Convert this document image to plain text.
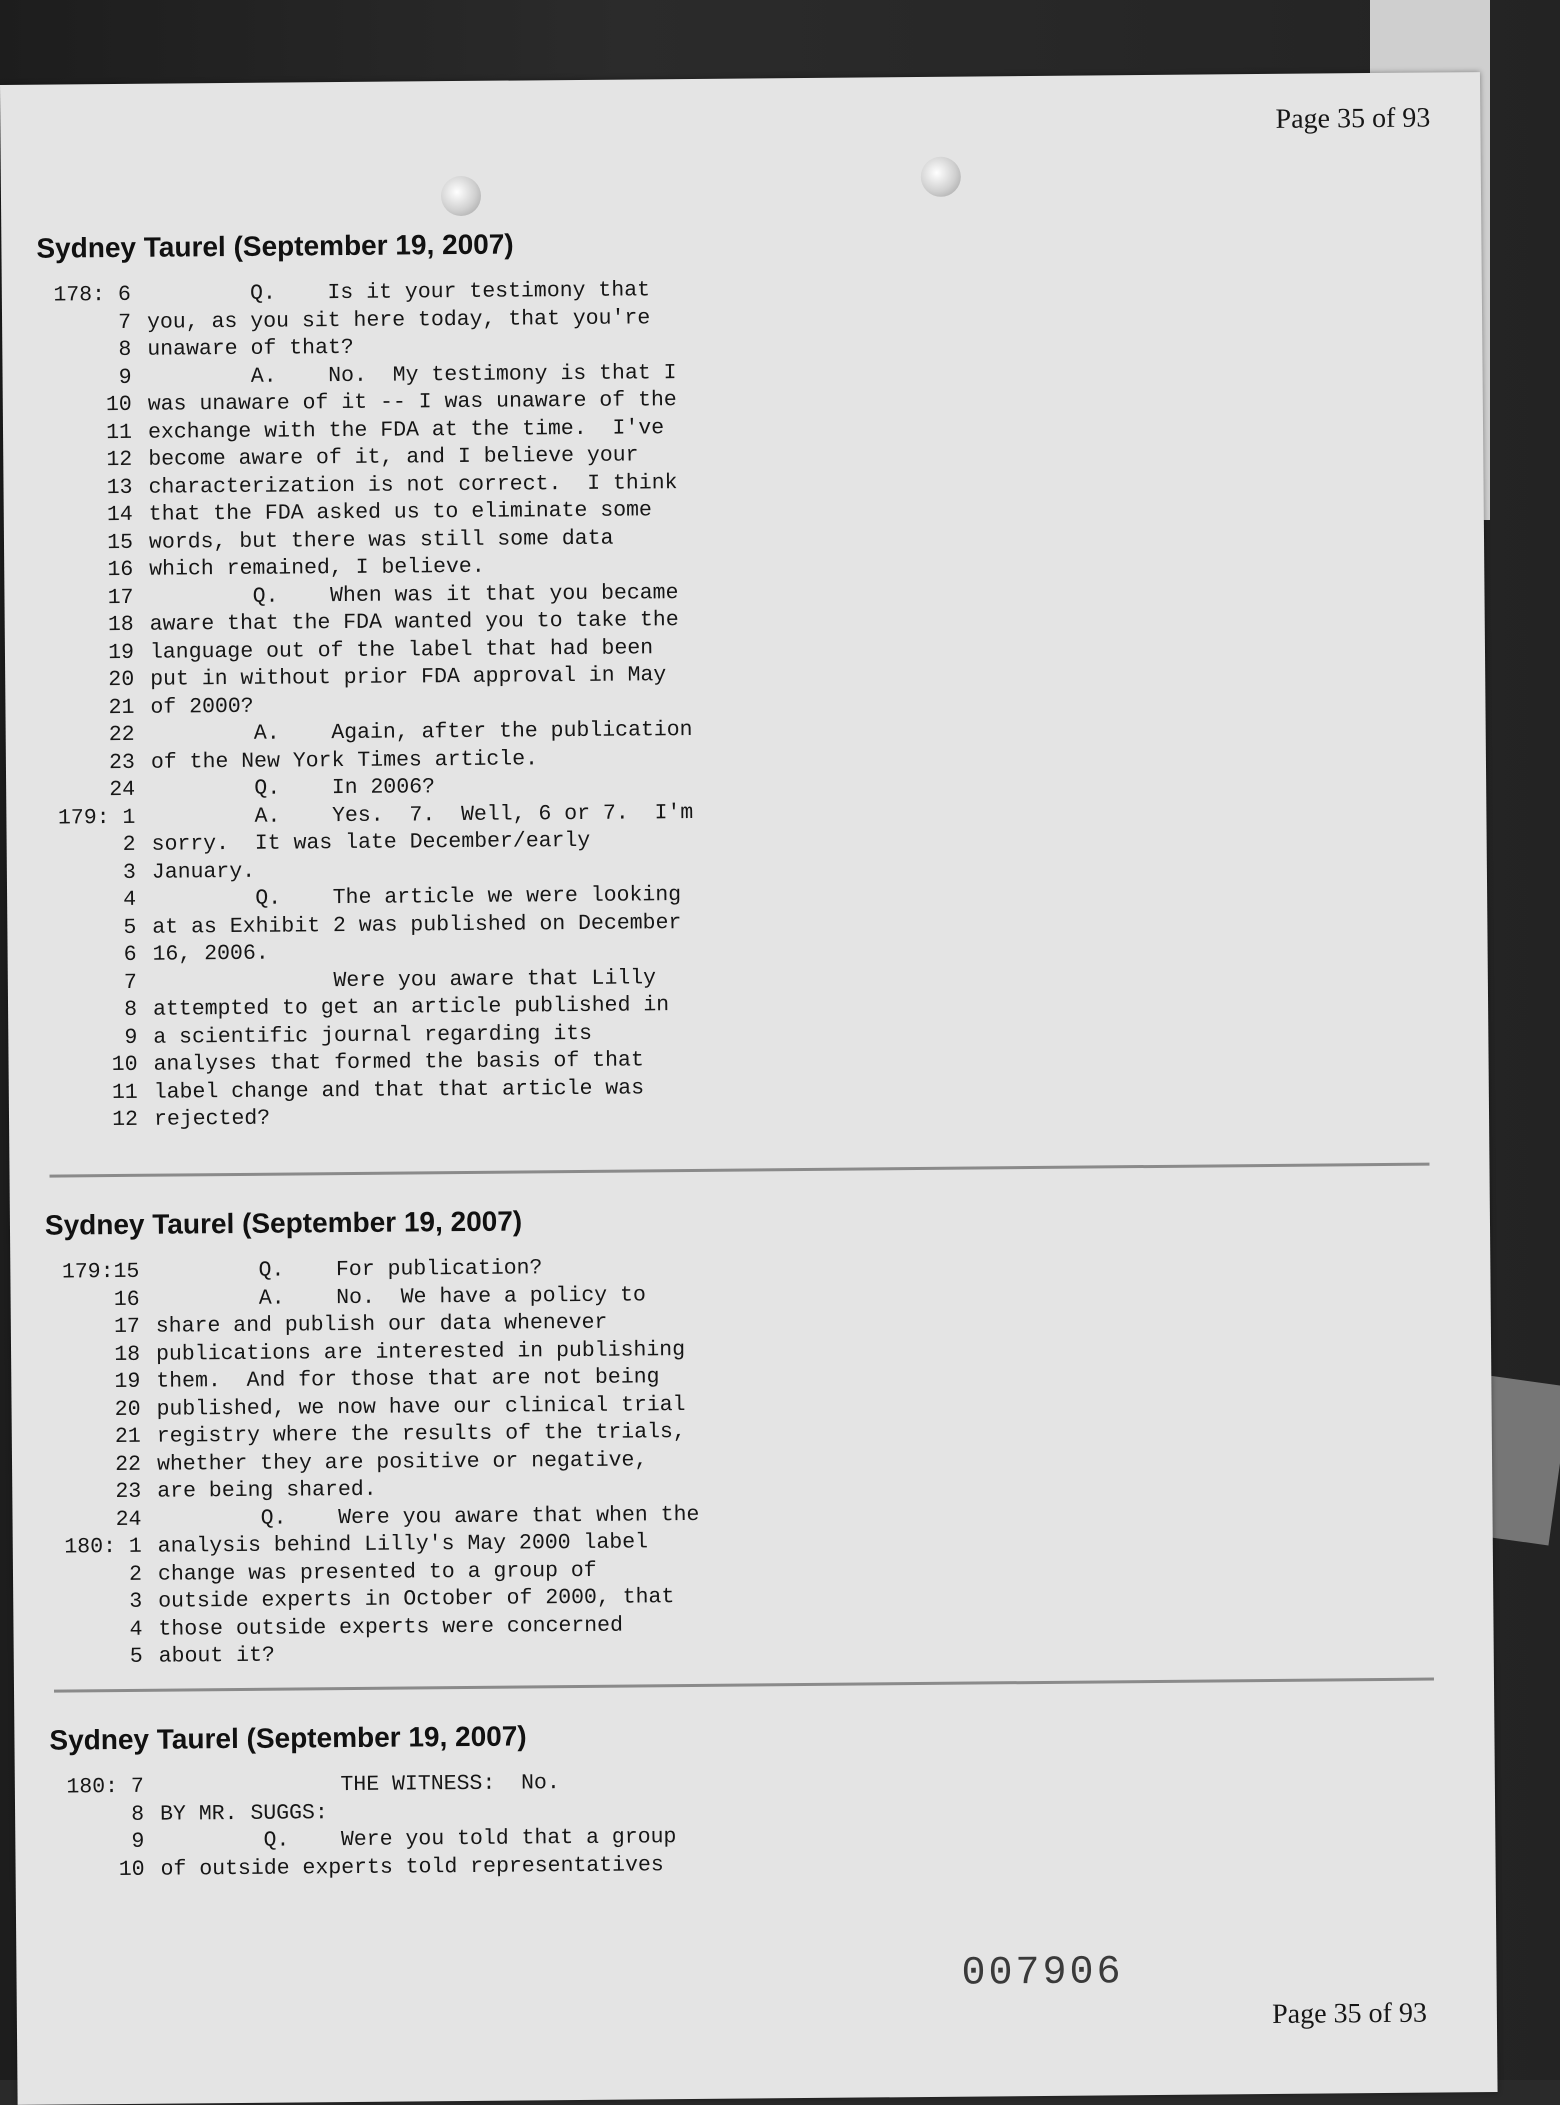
Page 35 of 93
Sydney Taurel (September 19, 2007)
178: 6 Q.    Is it your testimony that
7 you, as you sit here today, that you're
8 unaware of that?
9 A.    No.  My testimony is that I
10 was unaware of it -- I was unaware of the
11 exchange with the FDA at the time.  I've
12 become aware of it, and I believe your
13 characterization is not correct.  I think
14 that the FDA asked us to eliminate some
15 words, but there was still some data
16 which remained, I believe.
17 Q.    When was it that you became
18 aware that the FDA wanted you to take the
19 language out of the label that had been
20 put in without prior FDA approval in May
21 of 2000?
22 A.    Again, after the publication
23 of the New York Times article.
24 Q.    In 2006?
179: 1 A.    Yes.  7.  Well, 6 or 7.  I'm
2 sorry.  It was late December/early
3 January.
4 Q.    The article we were looking
5 at as Exhibit 2 was published on December
6 16, 2006.
7 Were you aware that Lilly
8 attempted to get an article published in
9 a scientific journal regarding its
10 analyses that formed the basis of that
11 label change and that that article was
12 rejected?
Sydney Taurel (September 19, 2007)
179:15 Q.    For publication?
16 A.    No.  We have a policy to
17 share and publish our data whenever
18 publications are interested in publishing
19 them.  And for those that are not being
20 published, we now have our clinical trial
21 registry where the results of the trials,
22 whether they are positive or negative,
23 are being shared.
24 Q.    Were you aware that when the
180: 1 analysis behind Lilly's May 2000 label
2 change was presented to a group of
3 outside experts in October of 2000, that
4 those outside experts were concerned
5 about it?
Sydney Taurel (September 19, 2007)
180: 7 THE WITNESS:  No.
8 BY MR. SUGGS:
9 Q.    Were you told that a group
10 of outside experts told representatives
007906
Page 35 of 93
